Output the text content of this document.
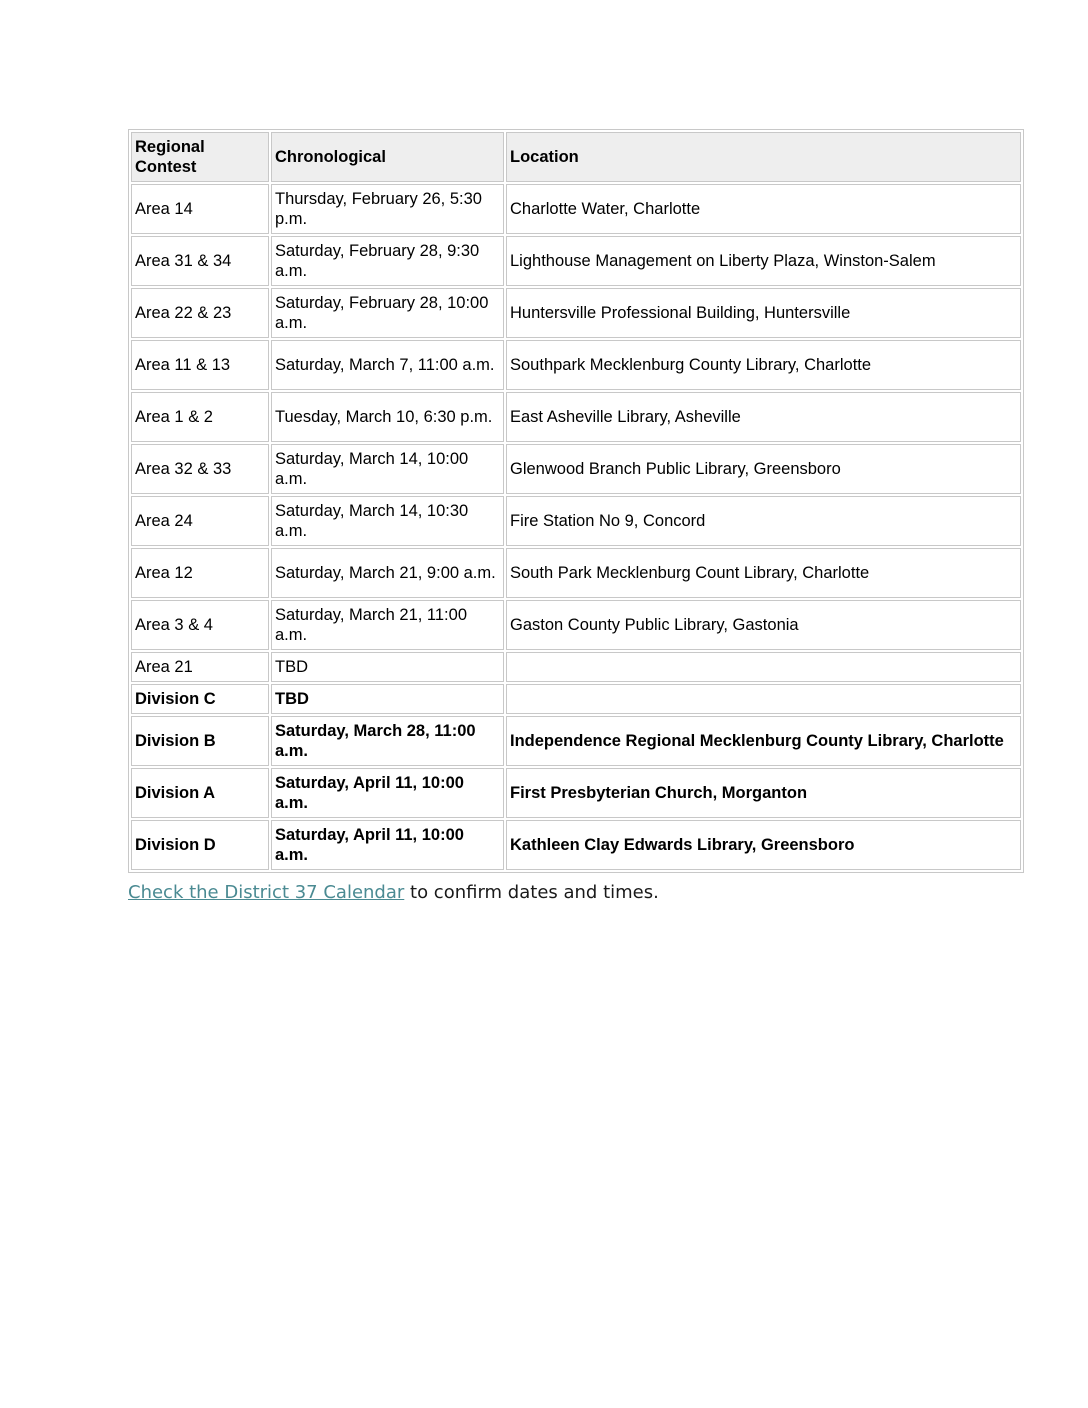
Regional Contest	Chronological	Location
Area 14	Thursday, February 26, 5:30 p.m.	Charlotte Water, Charlotte
Area 31 & 34	Saturday, February 28, 9:30 a.m.	Lighthouse Management on Liberty Plaza, Winston-Salem
Area 22 & 23	Saturday, February 28, 10:00 a.m.	Huntersville Professional Building, Huntersville
Area 11 & 13	Saturday, March 7, 11:00 a.m.	Southpark Mecklenburg County Library, Charlotte
Area 1 & 2	Tuesday, March 10, 6:30 p.m.	East Asheville Library, Asheville
Area 32 & 33	Saturday, March 14, 10:00 a.m.	Glenwood Branch Public Library, Greensboro
Area 24	Saturday, March 14, 10:30 a.m.	Fire Station No 9, Concord
Area 12	Saturday, March 21, 9:00 a.m.	South Park Mecklenburg Count Library, Charlotte
Area 3 & 4	Saturday, March 21, 11:00 a.m.	Gaston County Public Library, Gastonia
Area 21	TBD	
Division C	TBD	
Division B	Saturday, March 28, 11:00 a.m.	Independence Regional Mecklenburg County Library, Charlotte
Division A	Saturday, April 11, 10:00 a.m.	First Presbyterian Church, Morganton
Division D	Saturday, April 11, 10:00 a.m.	Kathleen Clay Edwards Library, Greensboro

Check the District 37 Calendar to confirm dates and times.
